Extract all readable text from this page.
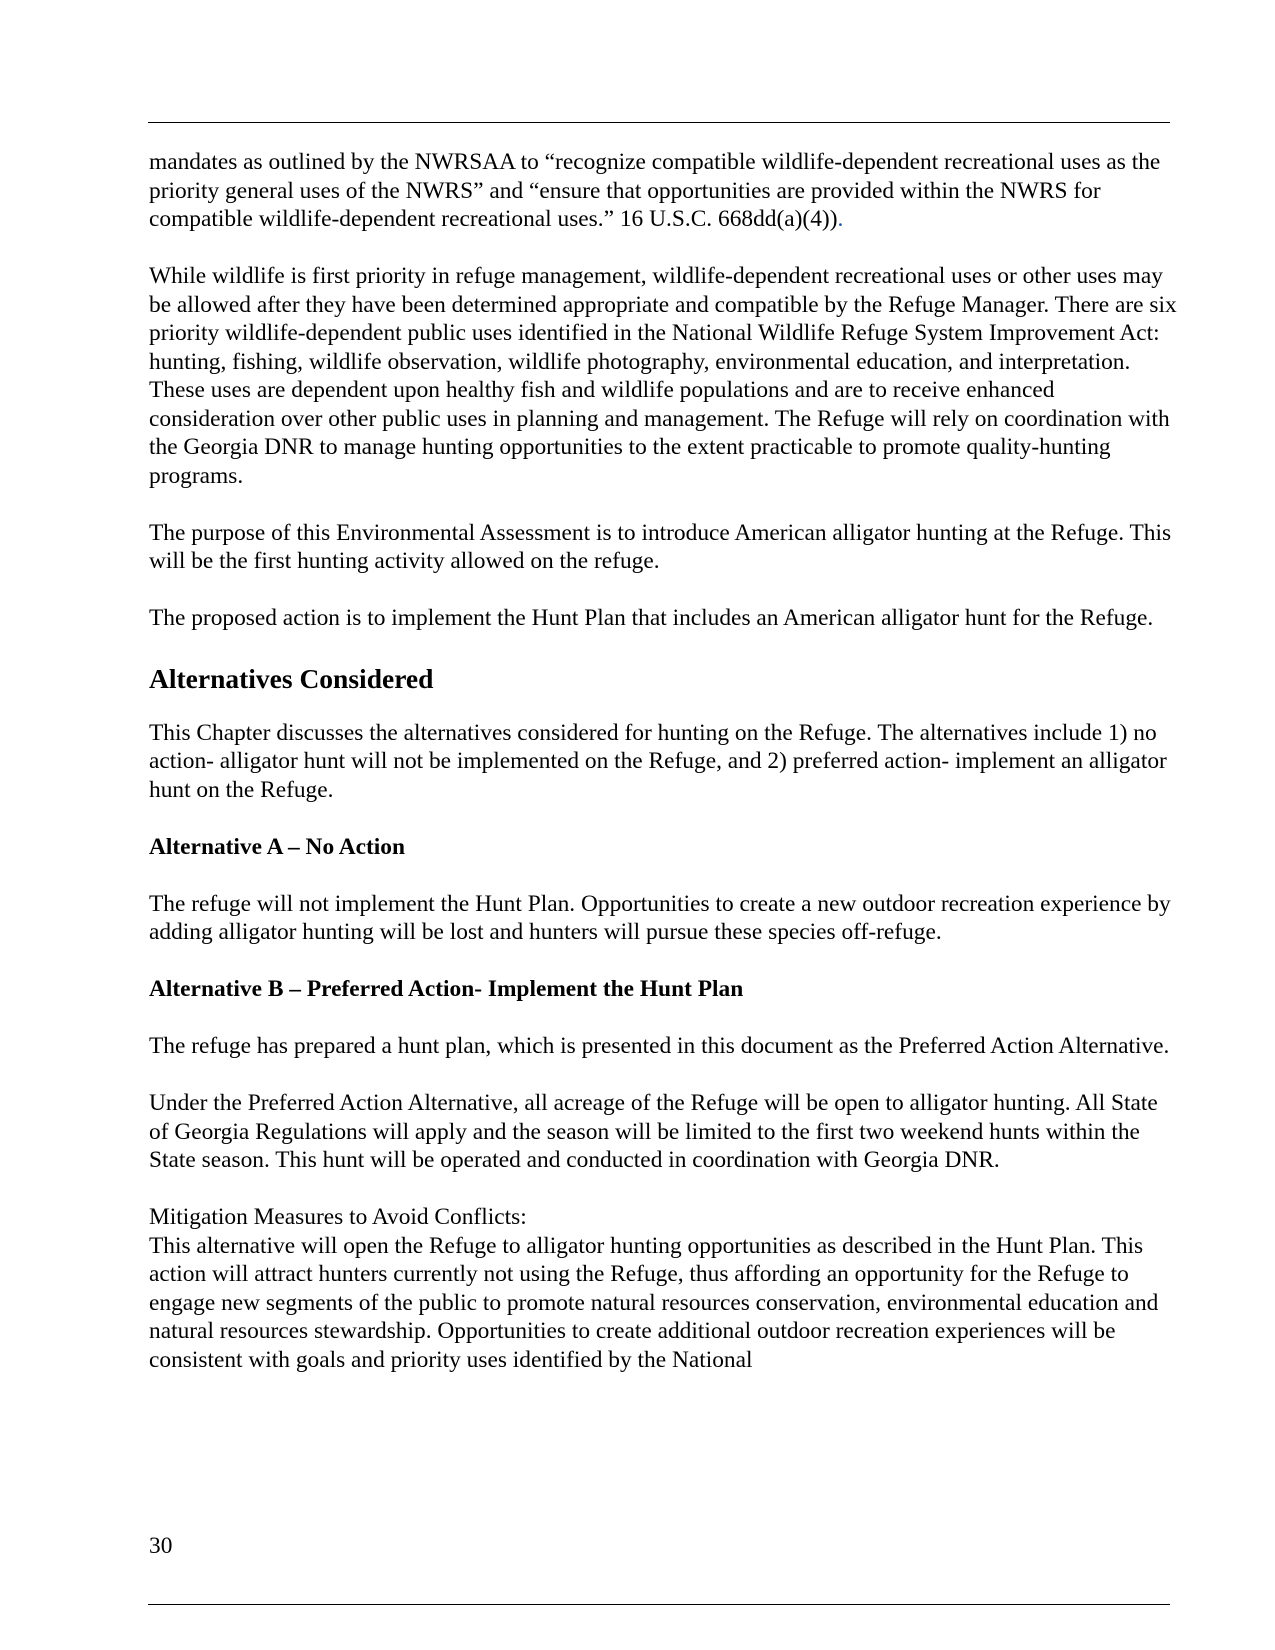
mandates as outlined by the NWRSAA to “recognize compatible wildlife-dependent recreational uses as the priority general uses of the NWRS” and “ensure that opportunities are provided within the NWRS for compatible wildlife-dependent recreational uses.” 16 U.S.C. 668dd(a)(4)).

While wildlife is first priority in refuge management, wildlife-dependent recreational uses or other uses may be allowed after they have been determined appropriate and compatible by the Refuge Manager. There are six priority wildlife-dependent public uses identified in the National Wildlife Refuge System Improvement Act: hunting, fishing, wildlife observation, wildlife photography, environmental education, and interpretation. These uses are dependent upon healthy fish and wildlife populations and are to receive enhanced consideration over other public uses in planning and management. The Refuge will rely on coordination with the Georgia DNR to manage hunting opportunities to the extent practicable to promote quality-hunting programs.

The purpose of this Environmental Assessment is to introduce American alligator hunting at the Refuge. This will be the first hunting activity allowed on the refuge.

The proposed action is to implement the Hunt Plan that includes an American alligator hunt for the Refuge.

Alternatives Considered

This Chapter discusses the alternatives considered for hunting on the Refuge. The alternatives include 1) no action- alligator hunt will not be implemented on the Refuge, and 2) preferred action- implement an alligator hunt on the Refuge.

Alternative A – No Action

The refuge will not implement the Hunt Plan. Opportunities to create a new outdoor recreation experience by adding alligator hunting will be lost and hunters will pursue these species off-refuge.

Alternative B – Preferred Action- Implement the Hunt Plan

The refuge has prepared a hunt plan, which is presented in this document as the Preferred Action Alternative.

Under the Preferred Action Alternative, all acreage of the Refuge will be open to alligator hunting. All State of Georgia Regulations will apply and the season will be limited to the first two weekend hunts within the State season. This hunt will be operated and conducted in coordination with Georgia DNR.

Mitigation Measures to Avoid Conflicts:

This alternative will open the Refuge to alligator hunting opportunities as described in the Hunt Plan. This action will attract hunters currently not using the Refuge, thus affording an opportunity for the Refuge to engage new segments of the public to promote natural resources conservation, environmental education and natural resources stewardship. Opportunities to create additional outdoor recreation experiences will be consistent with goals and priority uses identified by the National

30
